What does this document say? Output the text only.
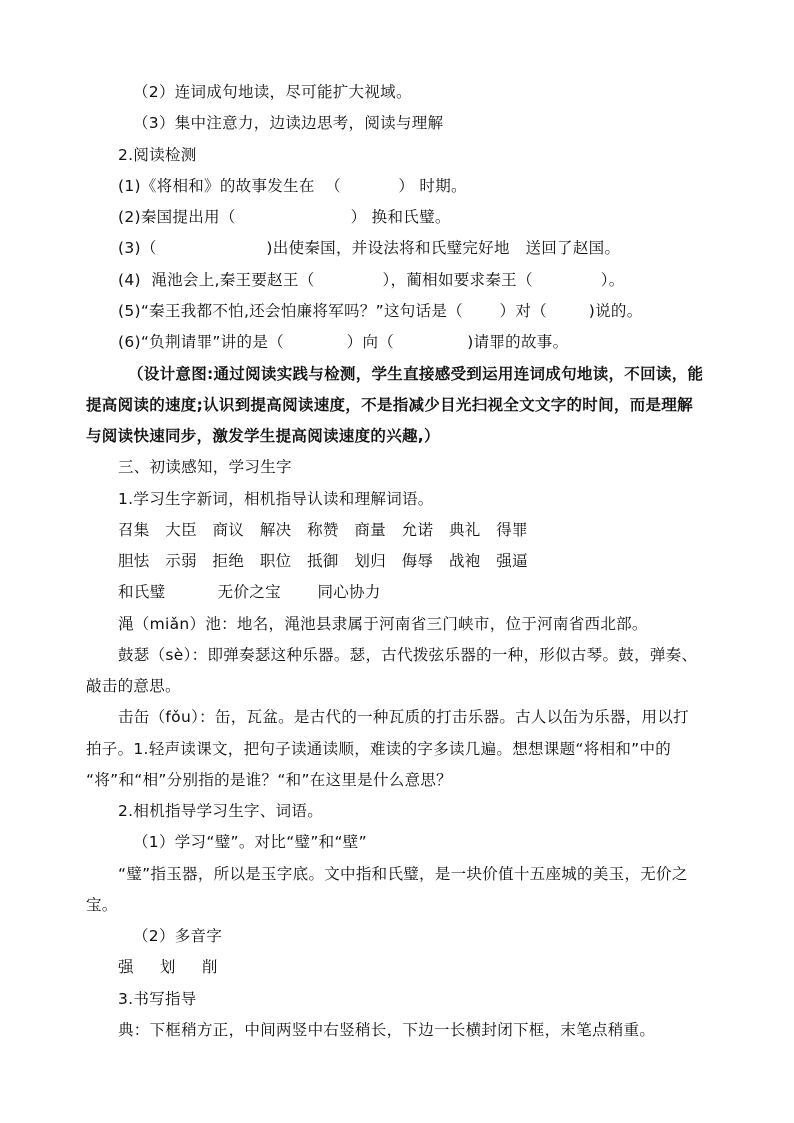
（2）连词成句地读，尽可能扩大视域。
（3）集中注意力，边读边思考，阅读与理解
2.阅读检测
(1)《将相和》的故事发生在  （           ） 时期。
(2)秦国提出用（                      ） 换和氏璧。
(3)（                     )出使秦国，并设法将和氏璧完好地   送回了赵国。
(4)  渑池会上,秦王要赵王（             ），蔺相如要求秦王（             ）。
(5)“秦王我都不怕,还会怕廉将军吗？”这句话是（       ）对（        )说的。
(6)“负荆请罪”讲的是（            ）向（              )请罪的故事。
（设计意图:通过阅读实践与检测，学生直接感受到运用连词成句地读，不回读，能
提高阅读的速度;认识到提高阅读速度，不是指减少目光扫视全文文字的时间，而是理解
与阅读快速同步，激发学生提高阅读速度的兴趣,）
三、初读感知，学习生字
1.学习生字新词，相机指导认读和理解词语。
召集   大臣   商议   解决   称赞   商量   允诺   典礼   得罪
胆怯   示弱   拒绝   职位   抵御   划归   侮辱   战袍   强逼
和氏璧          无价之宝       同心协力
渑（miǎn）池：地名，渑池县隶属于河南省三门峡市，位于河南省西北部。
鼓瑟（sè）：即弹奏瑟这种乐器。瑟，古代拨弦乐器的一种，形似古琴。鼓，弹奏、
敲击的意思。
击缶（fǒu）：缶，瓦盆。是古代的一种瓦质的打击乐器。古人以缶为乐器，用以打
拍子。1.轻声读课文，把句子读通读顺，难读的字多读几遍。想想课题“将相和”中的
“将”和“相”分别指的是谁？“和”在这里是什么意思？
2.相机指导学习生字、词语。
（1）学习“璧”。对比“璧”和“壁”
“璧”指玉器，所以是玉字底。文中指和氏璧，是一块价值十五座城的美玉，无价之
宝。
（2）多音字
强     划     削
3.书写指导
典：下框稍方正，中间两竖中右竖稍长，下边一长横封闭下框，末笔点稍重。
